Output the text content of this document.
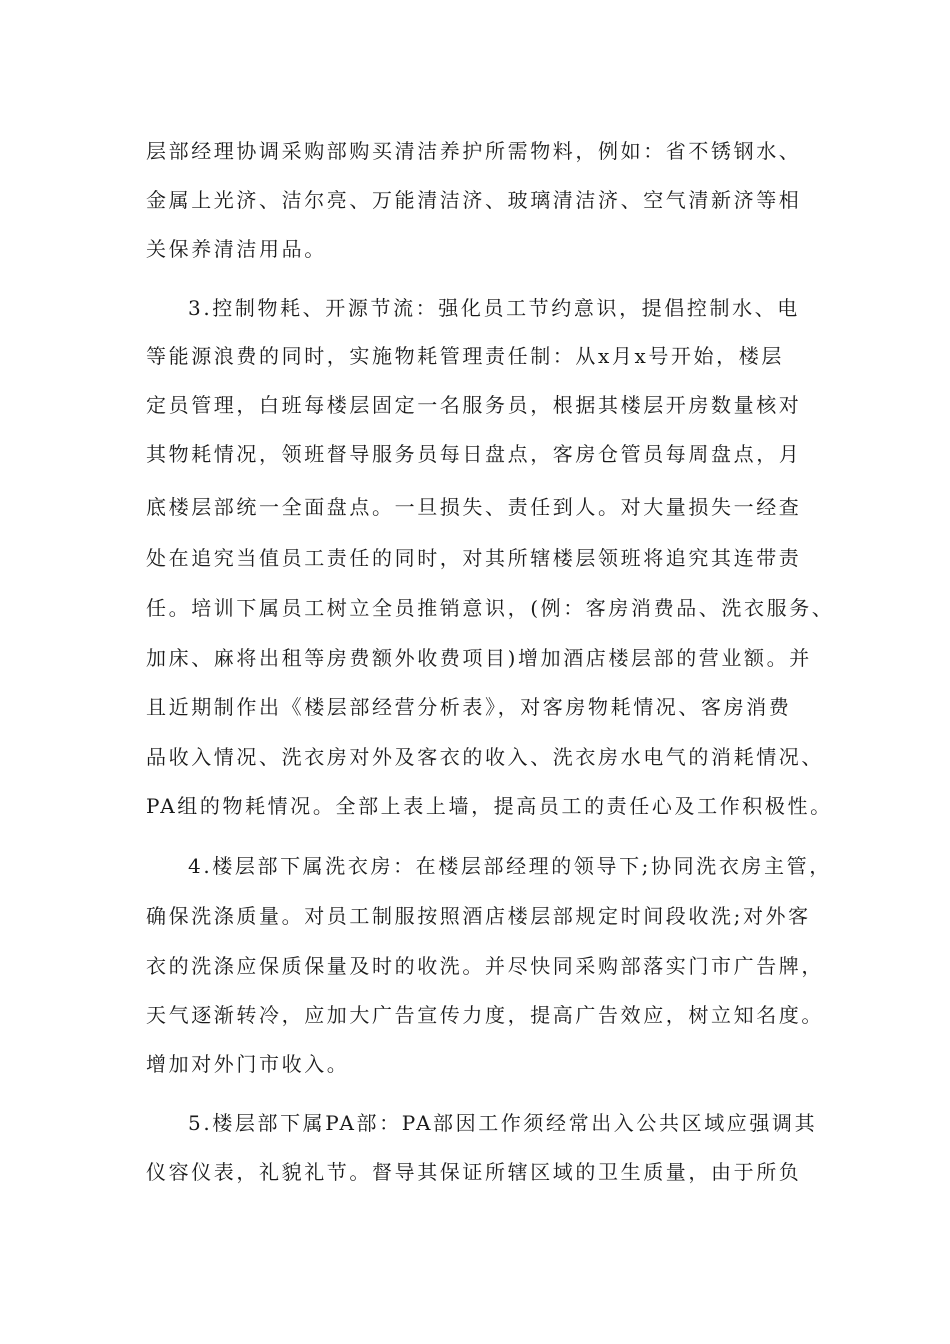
层部经理协调采购部购买清洁养护所需物料，例如：省不锈钢水、
金属上光济、洁尔亮、万能清洁济、玻璃清洁济、空气清新济等相
关保养清洁用品。
3.控制物耗、开源节流：强化员工节约意识，提倡控制水、电
等能源浪费的同时，实施物耗管理责任制：从x月x号开始，楼层
定员管理，白班每楼层固定一名服务员，根据其楼层开房数量核对
其物耗情况，领班督导服务员每日盘点，客房仓管员每周盘点，月
底楼层部统一全面盘点。一旦损失、责任到人。对大量损失一经查
处在追究当值员工责任的同时，对其所辖楼层领班将追究其连带责
任。培训下属员工树立全员推销意识，(例：客房消费品、洗衣服务、
加床、麻将出租等房费额外收费项目)增加酒店楼层部的营业额。并
且近期制作出《楼层部经营分析表》，对客房物耗情况、客房消费
品收入情况、洗衣房对外及客衣的收入、洗衣房水电气的消耗情况、
PA组的物耗情况。全部上表上墙，提高员工的责任心及工作积极性。
4.楼层部下属洗衣房：在楼层部经理的领导下;协同洗衣房主管，
确保洗涤质量。对员工制服按照酒店楼层部规定时间段收洗;对外客
衣的洗涤应保质保量及时的收洗。并尽快同采购部落实门市广告牌，
天气逐渐转冷，应加大广告宣传力度，提高广告效应，树立知名度。
增加对外门市收入。
5.楼层部下属PA部：PA部因工作须经常出入公共区域应强调其
仪容仪表，礼貌礼节。督导其保证所辖区域的卫生质量，由于所负
